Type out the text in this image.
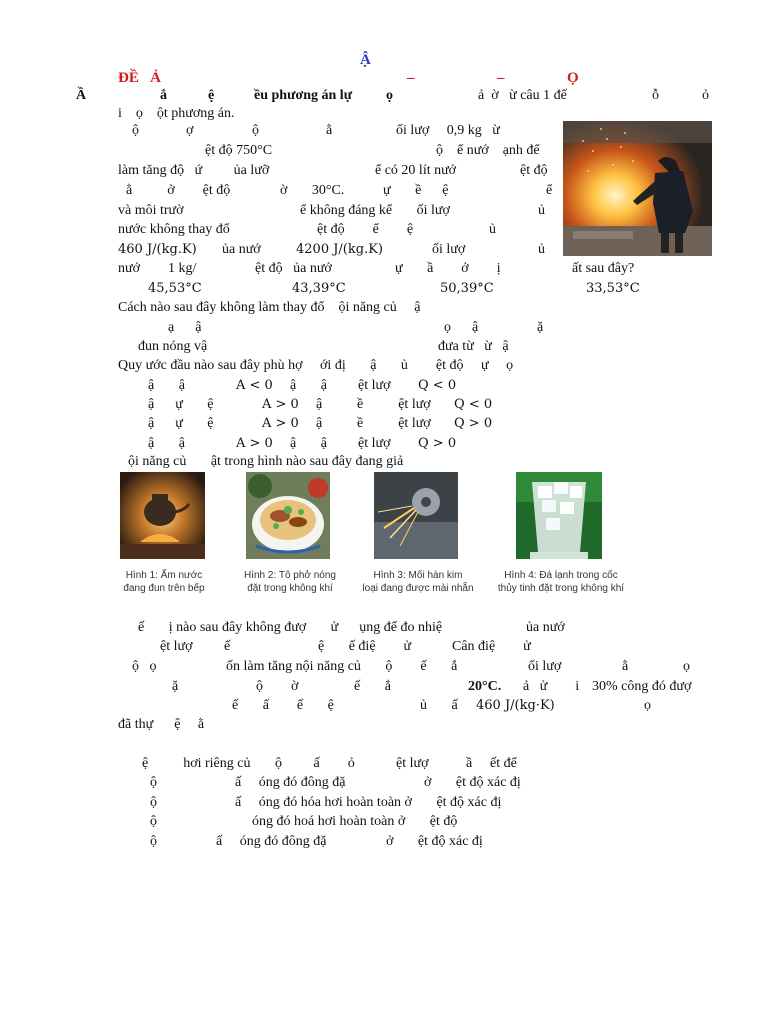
Ậ
ĐỀ   Ả	–	–	Ọ
Ầ	ắ	ệ	ều phương án lự ọ	ả  ờ   ừ câu 1 đế	ỗ	ỏ
i    ọ    ột phương án.
ộ	ợ	ộ	ằ	ối lượ     0,9 kg   ừ
ệt độ 750°C	ộ    ể nướ    ạnh để
làm tăng độ   ứ         ủa lưỡ	ể có 20 lít nướ	ệt độ
ằ          ở        ệt độ	ờ       30°C.	ự       ề      ệ	ể
và môi trườ	ể không đáng kể       ối lượ	ủ
nước không thay đổ	ệt độ        ể        ệ	ủ
460 J/(kg.K) ủa nướ	4200 J/(kg.K)	ối lượ	ủ
nướ        1 kg/	ệt độ   ủa nướ	ự       ầ        ở        ị	ất sau đây?
45,53°C	43,39°C	50,39°C	33,53°C
Cách nào sau đây không làm thay đổ    ội năng củ     ậ
ạ      ậ	ọ      ậ	ặ
đun nóng vậ	đưa từ   ừ   ậ
Quy ước đầu nào sau đây phù hợ     ới đị       ậ       ủ        ệt độ     ự     ọ
ậ       ậ	A < 0 ậ       ậ ệt lượ Q < 0
ậ      ự       ệ	A > 0 ậ ề          ệt lượ Q < 0
ậ      ự       ệ	A > 0 ậ ề          ệt lượ Q > 0
ậ       ậ	A > 0 ậ       ậ ệt lượ Q > 0
ội năng củ       ật trong hình nào sau đây đang giả
Hình 1: Ấm nước
đang đun trên bếp
Hình 2: Tô phở nóng
đặt trong không khí
Hình 3: Mối hàn kim
loại đang được mài nhẵn
Hình 4: Đá lạnh trong cốc
thủy tinh đặt trong không khí
ế       ị nào sau đây không đượ       ử      ụng để đo nhiệ	ủa nướ
ệt lượ         ế	ệ       ế điệ        ử	Cân điệ        ử
ộ   ọ	ốn làm tăng nội năng củ       ộ        ế       ắ	ối lượ	ằ	ọ
ặ	ộ        ờ	ế       ắ	20°C. ả   ử        i 30% công đó đượ
ế       ấ        ế       ệ	ủ       ấ 460 J/(kg·K)	ọ
đã thự      ệ     ằ
ệ          hơi riêng củ       ộ         ấ        ỏ	ệt lượ	ầ ết để
ộ	ấ     óng đó đông đặ	ở       ệt độ xác đị
ộ	ấ     óng đó hóa hơi hoàn toàn ở       ệt độ xác đị
ộ	óng đó hoá hơi hoàn toàn ở       ệt độ
ộ	ấ     óng đó đông đặ	ở       ệt độ xác đị
